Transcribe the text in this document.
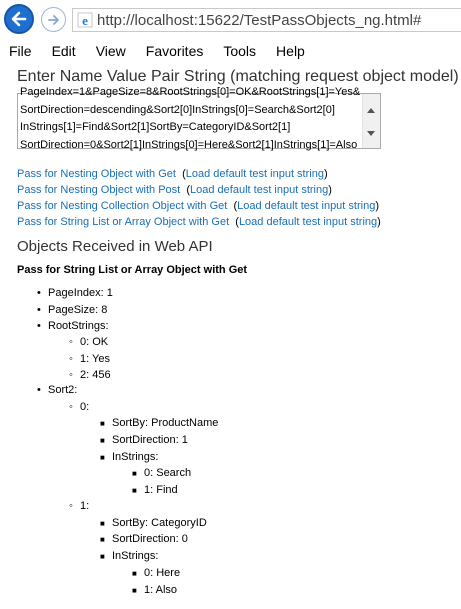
e http://localhost:15622/TestPassObjects_ng.html#
File	Edit	View	Favorites	Tools	Help
Enter Name Value Pair String (matching request object model)
PageIndex=1&PageSize=8&RootStrings[0]=OK&RootStrings[1]=Yes&
SortDirection=descending&Sort2[0]InStrings[0]=Search&Sort2[0]
InStrings[1]=Find&Sort2[1]SortBy=CategoryID&Sort2[1]
SortDirection=0&Sort2[1]InStrings[0]=Here&Sort2[1]InStrings[1]=Also
Pass for Nesting Object with Get (Load default test input string)
Pass for Nesting Object with Post (Load default test input string)
Pass for Nesting Collection Object with Get (Load default test input string)
Pass for String List or Array Object with Get (Load default test input string)
Objects Received in Web API
Pass for String List or Array Object with Get
• PageIndex: 1
• PageSize: 8
• RootStrings:
◦ 0: OK
◦ 1: Yes
◦ 2: 456
• Sort2:
◦ 0:
■ SortBy: ProductName
■ SortDirection: 1
■ InStrings:
■ 0: Search
■ 1: Find
◦ 1:
■ SortBy: CategoryID
■ SortDirection: 0
■ InStrings:
■ 0: Here
■ 1: Also
